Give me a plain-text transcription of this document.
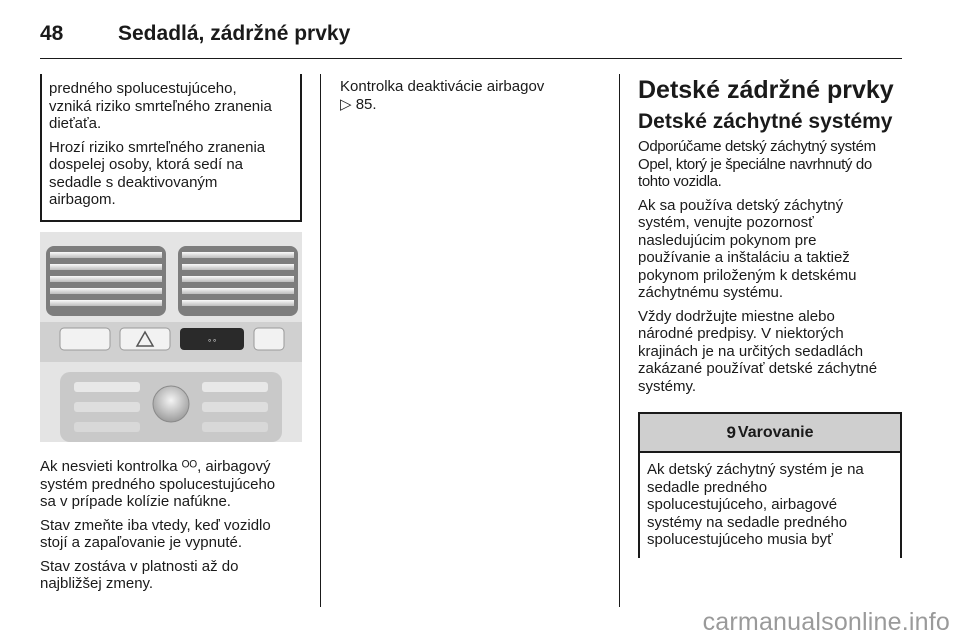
48	Sedadlá, zádržné prvky

predného spolucestujúceho,
vzniká riziko smrteľného zranenia
dieťaťa.

Hrozí riziko smrteľného zranenia
dospelej osoby, ktorá sedí na
sedadle s deaktivovaným
airbagom.

∘∘

Ak nesvieti kontrolka ᴼᴼ, airbagový
systém predného spolucestujúceho
sa v prípade kolízie nafúkne.

Stav zmeňte iba vtedy, keď vozidlo
stojí a zapaľovanie je vypnuté.

Stav zostáva v platnosti až do
najbližšej zmeny.

Kontrolka deaktivácie airbagov
▷ 85.	Detské zádržné prvky
Detské záchytné systémy

Odporúčame detský záchytný systém
Opel, ktorý je špeciálne navrhnutý do
tohto vozidla.

Ak sa používa detský záchytný
systém, venujte pozornosť
nasledujúcim pokynom pre
používanie a inštaláciu a taktiež
pokynom priloženým k detskému
záchytnému systému.

Vždy dodržujte miestne alebo
národné predpisy. V niektorých
krajinách je na určitých sedadlách
zakázané používať detské záchytné
systémy.

9 Varovanie

Ak detský záchytný systém je na
sedadle predného
spolucestujúceho, airbagové
systémy na sedadle predného
spolucestujúceho musia byť

carmanualsonline.info
